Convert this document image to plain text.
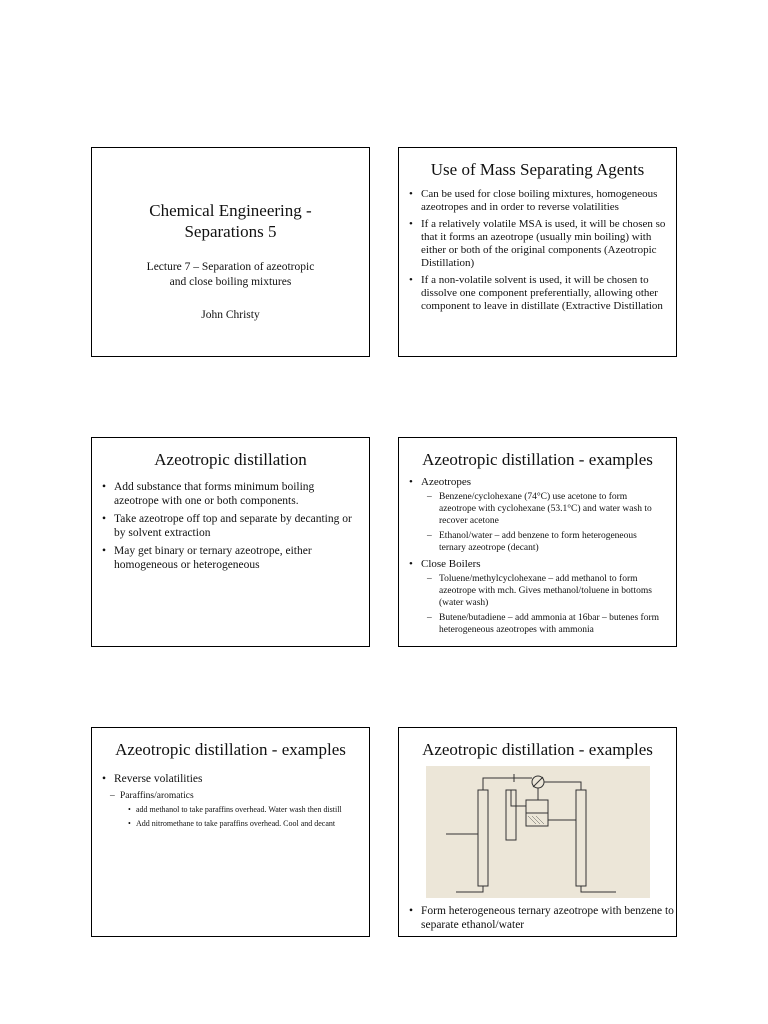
Chemical Engineering -
Separations 5
Lecture 7 – Separation of azeotropic
and close boiling mixtures
John Christy
Use of Mass Separating Agents
• Can be used for close boiling mixtures, homogeneous azeotropes and in order to reverse volatilities
• If a relatively volatile MSA is used, it will be chosen so that it forms an azeotrope (usually min boiling) with either or both of the original components (Azeotropic Distillation)
• If a non-volatile solvent is used, it will be chosen to dissolve one component preferentially, allowing other component to leave in distillate (Extractive Distillation
Azeotropic distillation
• Add substance that forms minimum boiling azeotrope with one or both components.
• Take azeotrope off top and separate by decanting or by solvent extraction
• May get binary or ternary azeotrope, either homogeneous or heterogeneous
Azeotropic distillation - examples
• Azeotropes
– Benzene/cyclohexane (74°C) use acetone to form azeotrope with cyclohexane (53.1°C) and water wash to recover acetone
– Ethanol/water – add benzene to form heterogeneous ternary azeotrope (decant)
• Close Boilers
– Toluene/methylcyclohexane – add methanol to form azeotrope with mch. Gives methanol/toluene in bottoms (water wash)
– Butene/butadiene – add ammonia at 16bar – butenes form heterogeneous azeotropes with ammonia
Azeotropic distillation - examples
• Reverse volatilities
– Paraffins/aromatics
• add methanol to take paraffins overhead. Water wash then distill
• Add nitromethane to take paraffins overhead. Cool and decant
Azeotropic distillation - examples
• Form heterogeneous ternary azeotrope with benzene to separate ethanol/water
